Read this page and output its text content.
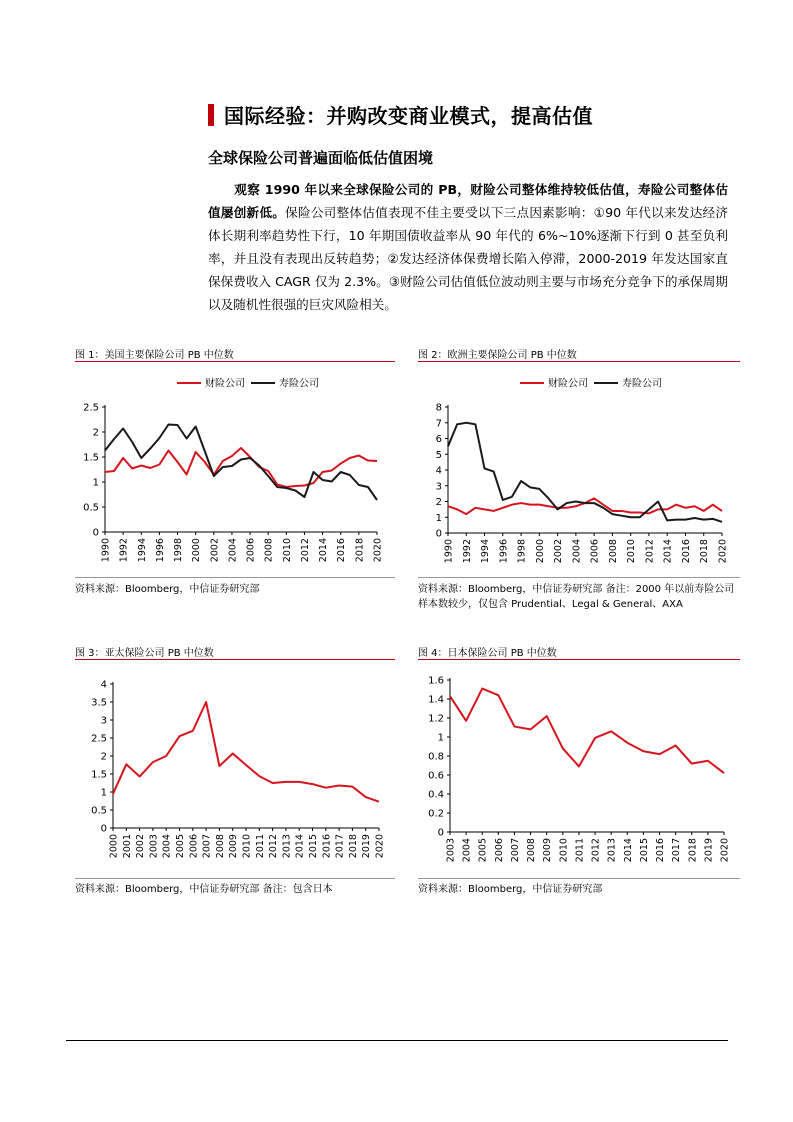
国际经验：并购改变商业模式，提高估值
全球保险公司普遍面临低估值困境
观察 1990 年以来全球保险公司的 PB，财险公司整体维持较低估值，寿险公司整体估值屡创新低。保险公司整体估值表现不佳主要受以下三点因素影响：①90 年代以来发达经济体长期利率趋势性下行，10 年期国债收益率从 90 年代的 6%~10%逐渐下行到 0 甚至负利率，并且没有表现出反转趋势；②发达经济体保费增长陷入停滞，2000-2019 年发达国家直保保费收入 CAGR 仅为 2.3%。③财险公司估值低位波动则主要与市场充分竞争下的承保周期以及随机性很强的巨灾风险相关。
图 1：美国主要保险公司 PB 中位数
0
0.5
1
1.5
2
2.5
1990 1992 1994 1996 1998 2000 2002 2004 2006 2008 2010 2012 2014 2016 2018 2020
财险公司	寿险公司
资料来源：Bloomberg，中信证券研究部
图 2：欧洲主要保险公司 PB 中位数
0
1
2
3
4
5
6
7
8
1990 1992 1994 1996 1998 2000 2002 2004 2006 2008 2010 2012 2014 2016 2018 2020
财险公司	寿险公司
资料来源：Bloomberg，中信证券研究部 备注：2000 年以前寿险公司样本数较少，仅包含 Prudential、Legal & General、AXA
图 3：亚太保险公司 PB 中位数
0
0.5
1
1.5
2
2.5
3
3.5
4
2000 2001 2002 2003 2004 2005 2006 2007 2008 2009 2010 2011 2012 2013 2014 2015 2016 2017 2018 2019 2020
资料来源：Bloomberg，中信证券研究部 备注：包含日本
图 4：日本保险公司 PB 中位数
0
0.2
0.4
0.6
0.8
1
1.2
1.4
1.6
2003 2004 2005 2006 2007 2008 2009 2010 2011 2012 2013 2014 2015 2016 2017 2018 2019 2020
资料来源：Bloomberg，中信证券研究部
